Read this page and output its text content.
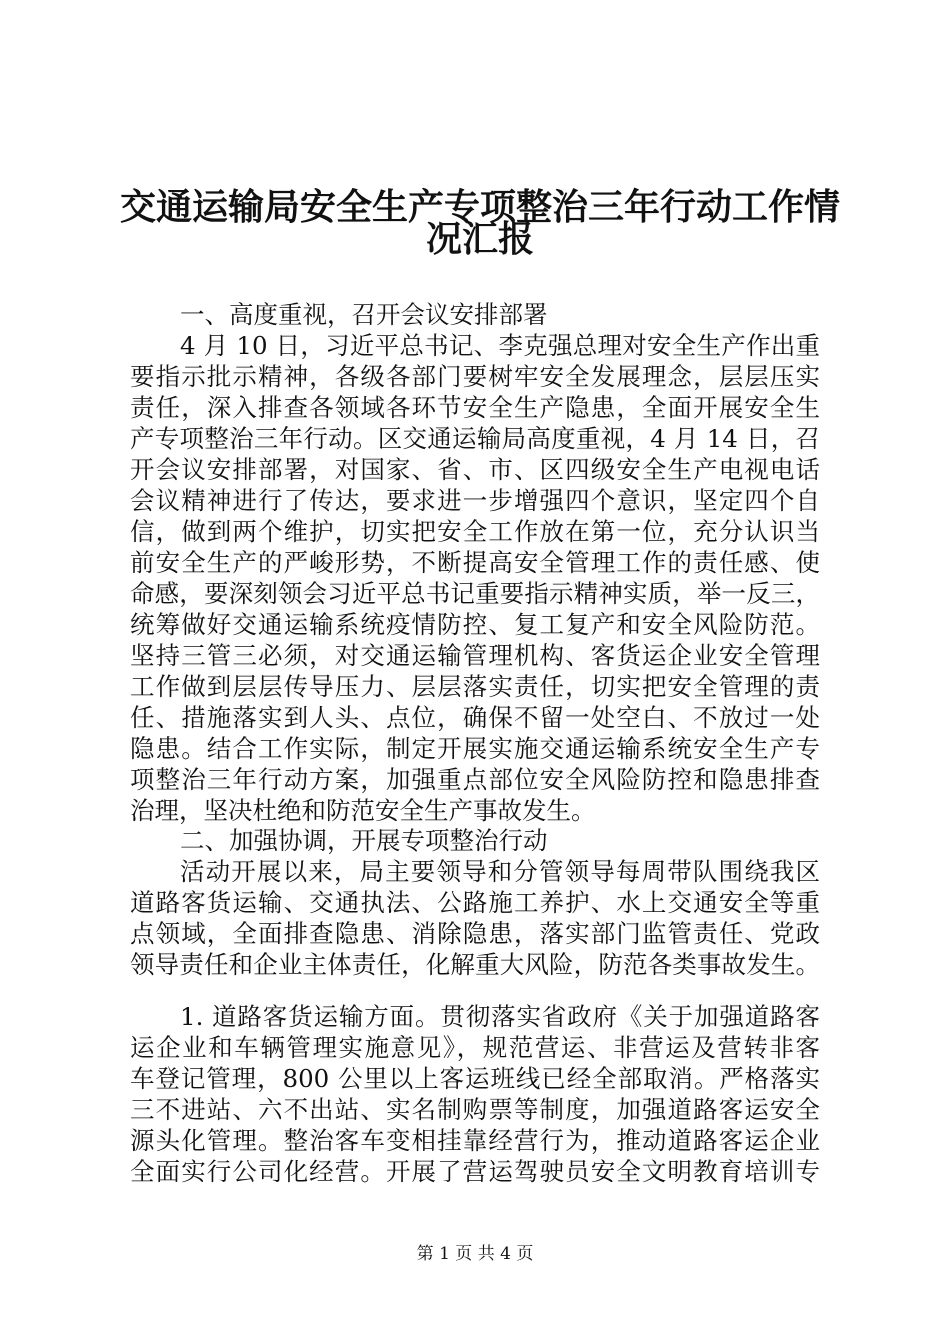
交通运输局安全生产专项整治三年行动工作情
况汇报

一、高度重视，召开会议安排部署

4 月 10 日，习近平总书记、李克强总理对安全生产作出重

要指示批示精神，各级各部门要树牢安全发展理念，层层压实

责任，深入排查各领域各环节安全生产隐患，全面开展安全生

产专项整治三年行动。区交通运输局高度重视，4 月 14 日，召

开会议安排部署，对国家、省、市、区四级安全生产电视电话

会议精神进行了传达，要求进一步增强四个意识，坚定四个自

信，做到两个维护，切实把安全工作放在第一位，充分认识当

前安全生产的严峻形势，不断提高安全管理工作的责任感、使

命感，要深刻领会习近平总书记重要指示精神实质，举一反三，

统筹做好交通运输系统疫情防控、复工复产和安全风险防范。

坚持三管三必须，对交通运输管理机构、客货运企业安全管理

工作做到层层传导压力、层层落实责任，切实把安全管理的责

任、措施落实到人头、点位，确保不留一处空白、不放过一处

隐患。结合工作实际，制定开展实施交通运输系统安全生产专

项整治三年行动方案，加强重点部位安全风险防控和隐患排查

治理，坚决杜绝和防范安全生产事故发生。

二、加强协调，开展专项整治行动

活动开展以来，局主要领导和分管领导每周带队围绕我区

道路客货运输、交通执法、公路施工养护、水上交通安全等重

点领域，全面排查隐患、消除隐患，落实部门监管责任、党政

领导责任和企业主体责任，化解重大风险，防范各类事故发生。

1. 道路客货运输方面。贯彻落实省政府《关于加强道路客

运企业和车辆管理实施意见》，规范营运、非营运及营转非客

车登记管理，800 公里以上客运班线已经全部取消。严格落实

三不进站、六不出站、实名制购票等制度，加强道路客运安全

源头化管理。整治客车变相挂靠经营行为，推动道路客运企业

全面实行公司化经营。开展了营运驾驶员安全文明教育培训专

第 1 页 共 4 页
